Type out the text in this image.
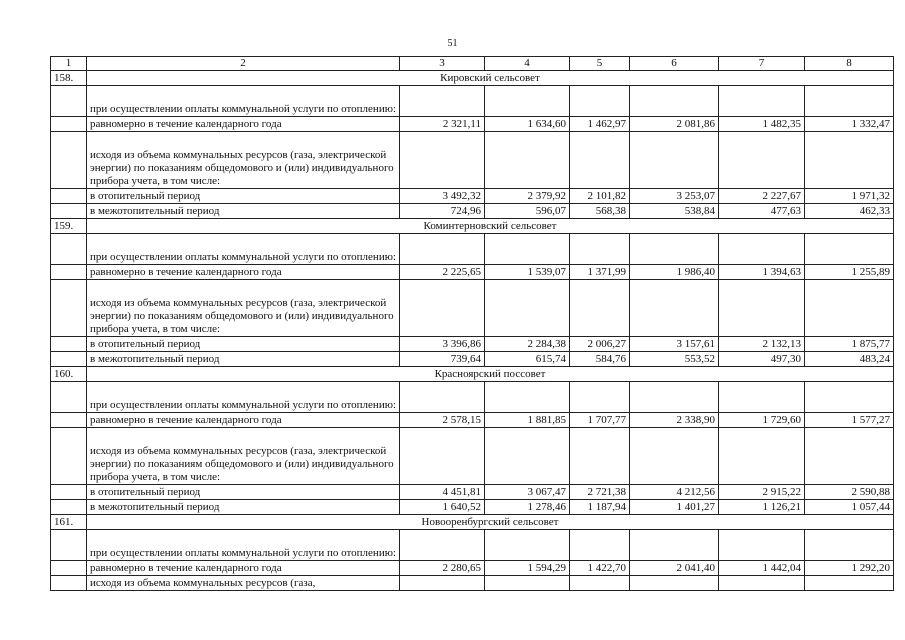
51
1	2	3	4	5	6	7	8
158.	Кировский сельсовет						
	при осуществлении оплаты коммунальной услуги по отоплению:						
	равномерно в течение календарного года	2 321,11	1 634,60	1 462,97	2 081,86	1 482,35	1 332,47
	исходя из объема коммунальных ресурсов (газа, электрической энергии) по показаниям общедомового и (или) индивидуального прибора учета, в том числе:						
	в отопительный период	3 492,32	2 379,92	2 101,82	3 253,07	2 227,67	1 971,32
	в межотопительный период	724,96	596,07	568,38	538,84	477,63	462,33
159.	Коминтерновский сельсовет						
	при осуществлении оплаты коммунальной услуги по отоплению:						
	равномерно в течение календарного года	2 225,65	1 539,07	1 371,99	1 986,40	1 394,63	1 255,89
	исходя из объема коммунальных ресурсов (газа, электрической энергии) по показаниям общедомового и (или) индивидуального прибора учета, в том числе:						
	в отопительный период	3 396,86	2 284,38	2 006,27	3 157,61	2 132,13	1 875,77
	в межотопительный период	739,64	615,74	584,76	553,52	497,30	483,24
160.	Красноярский поссовет						
	при осуществлении оплаты коммунальной услуги по отоплению:						
	равномерно в течение календарного года	2 578,15	1 881,85	1 707,77	2 338,90	1 729,60	1 577,27
	исходя из объема коммунальных ресурсов (газа, электрической энергии) по показаниям общедомового и (или) индивидуального прибора учета, в том числе:						
	в отопительный период	4 451,81	3 067,47	2 721,38	4 212,56	2 915,22	2 590,88
	в межотопительный период	1 640,52	1 278,46	1 187,94	1 401,27	1 126,21	1 057,44
161.	Новооренбургский сельсовет						
	при осуществлении оплаты коммунальной услуги по отоплению:						
	равномерно в течение календарного года	2 280,65	1 594,29	1 422,70	2 041,40	1 442,04	1 292,20
	исходя из объема коммунальных ресурсов (газа,						
